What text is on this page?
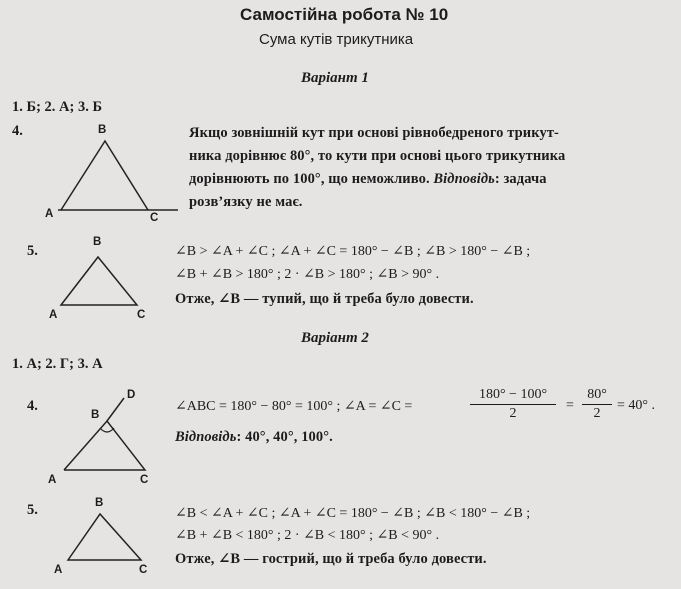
Самостійна робота № 10
Сума кутів трикутника
Варіант 1
1. Б; 2. А; 3. Б
4.	B
A	C
Якщо зовнішній кут при основі рівнобедреного трикут-
ника дорівнює 80°, то кути при основі цього трикутника
дорівнюють по 100°, що неможливо. Відповідь: задача
розв’язку не має.
5.
B
A	C
∠B > ∠A + ∠C ; ∠A + ∠C = 180° − ∠B ; ∠B > 180° − ∠B ;
∠B + ∠B > 180° ; 2 · ∠B > 180° ; ∠B > 90° .
Отже, ∠B — тупий, що й треба було довести.
Варіант 2
1. А; 2. Г; 3. А
4.
D
B
A	C
∠ABC = 180° − 80° = 100° ; ∠A = ∠C =
180° − 100°
2
=
80°
2
= 40° .
Відповідь: 40°, 40°, 100°.
5.	B
A	C
∠B < ∠A + ∠C ; ∠A + ∠C = 180° − ∠B ; ∠B < 180° − ∠B ;
∠B + ∠B < 180° ; 2 · ∠B < 180° ; ∠B < 90° .
Отже, ∠B — гострий, що й треба було довести.
